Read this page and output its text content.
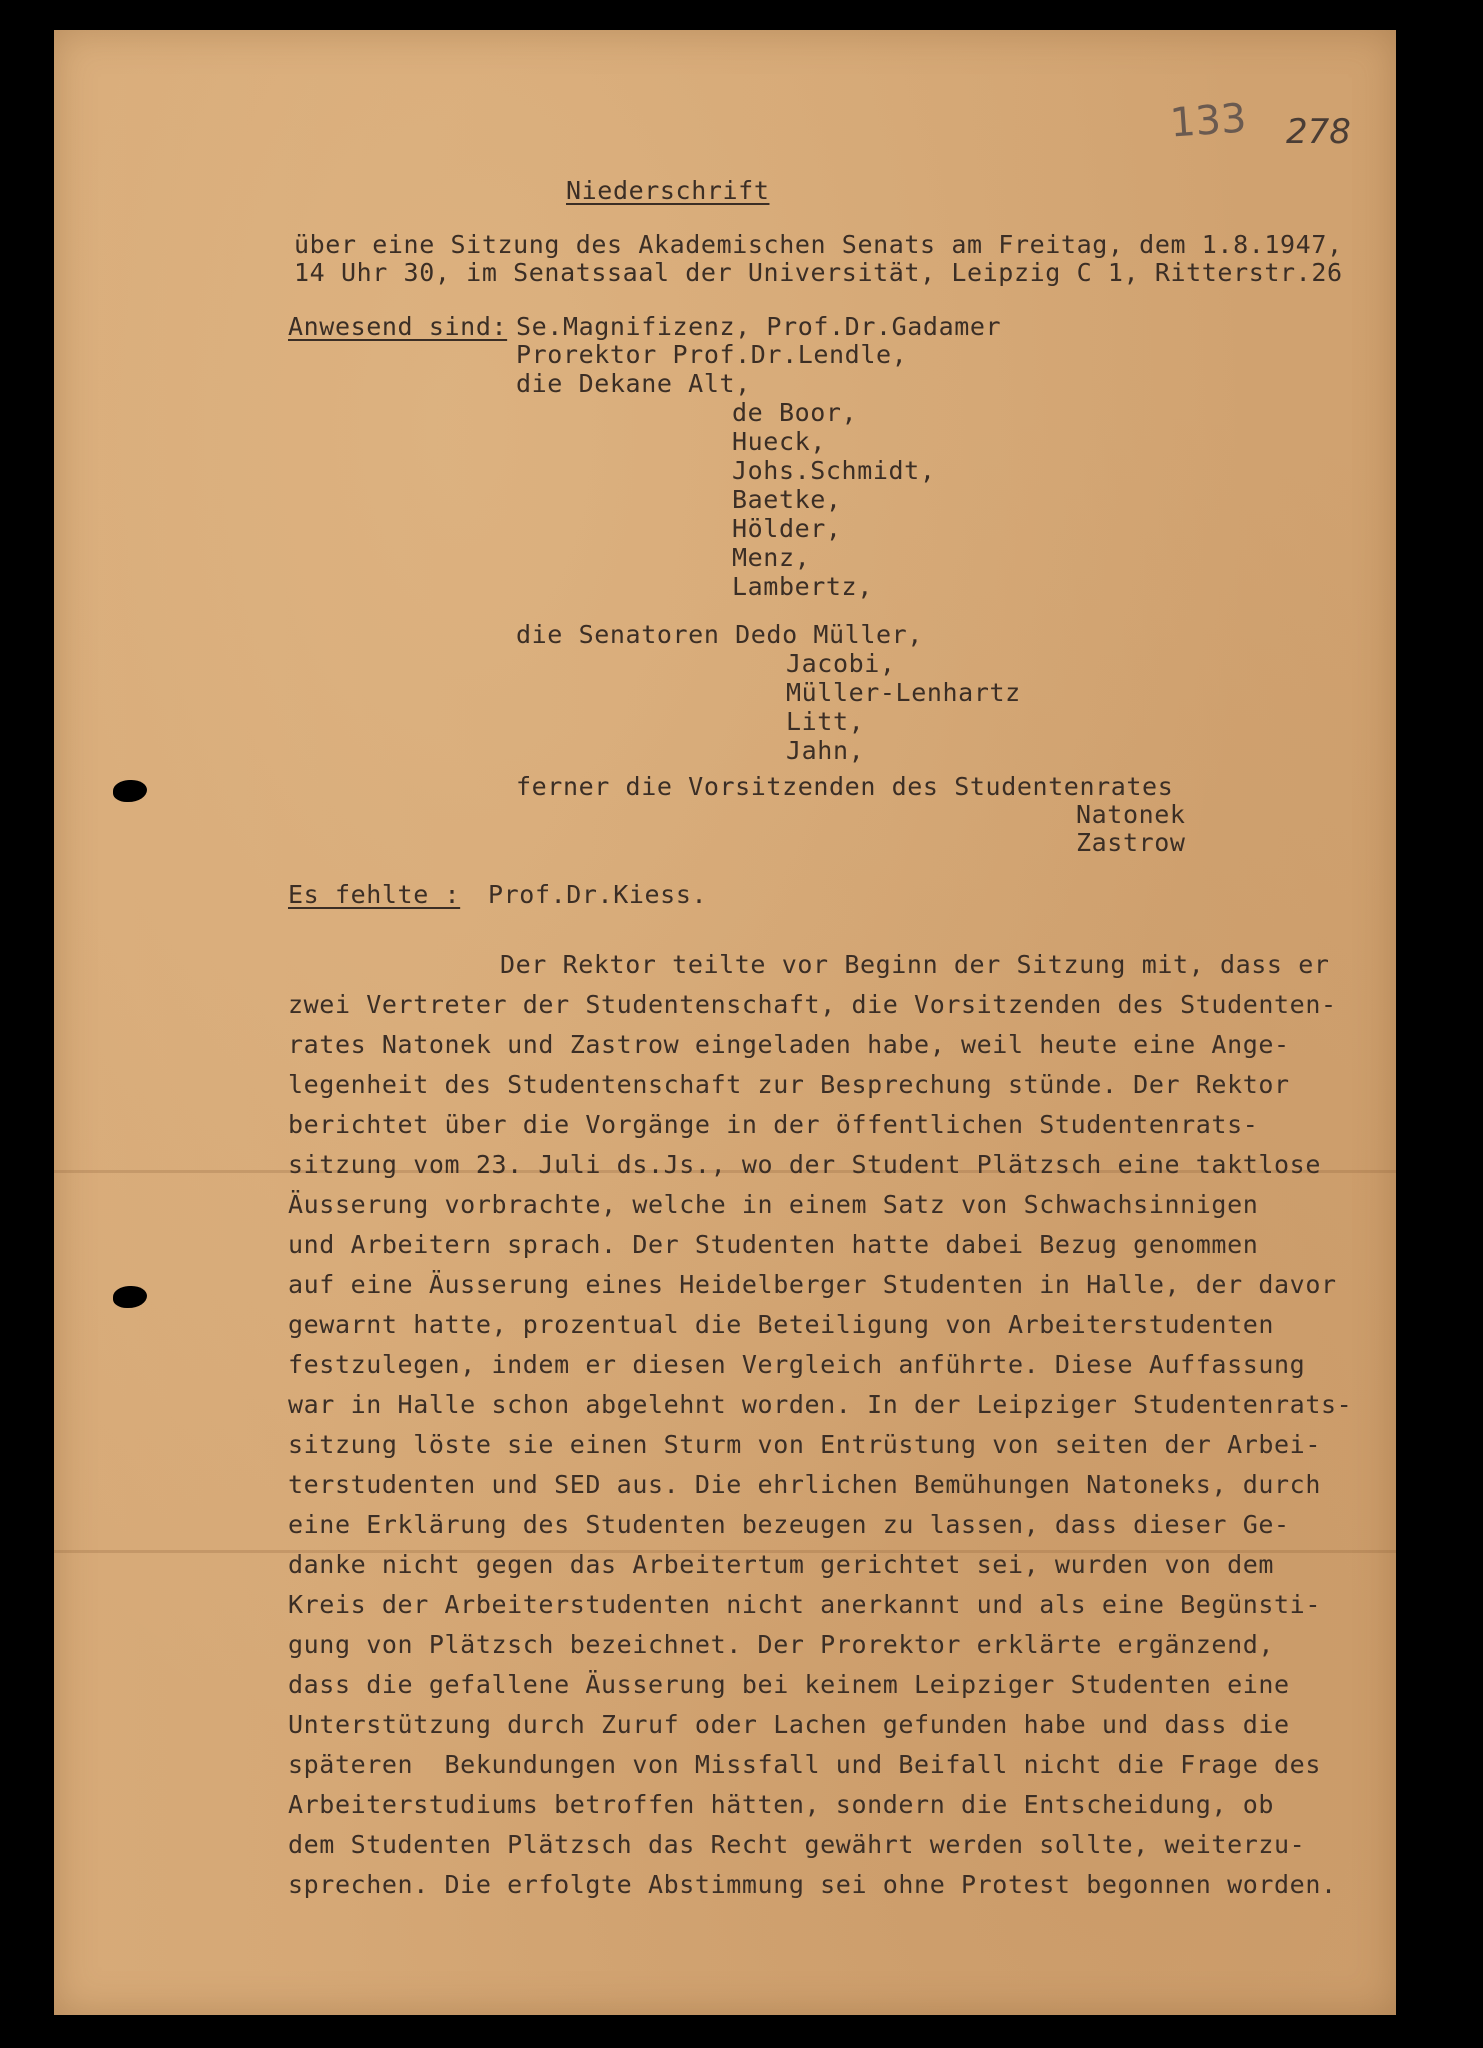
133 278
Niederschrift
über eine Sitzung des Akademischen Senats am Freitag, dem 1.8.1947,
14 Uhr 30, im Senatssaal der Universität, Leipzig C 1, Ritterstr.26
Anwesend sind: Se.Magnifizenz, Prof.Dr.Gadamer
Prorektor Prof.Dr.Lendle,
die Dekane Alt,
de Boor,
Hueck,
Johs.Schmidt,
Baetke,
Hölder,
Menz,
Lambertz,
die Senatoren Dedo Müller,
Jacobi,
Müller-Lenhartz
Litt,
Jahn,
ferner die Vorsitzenden des Studentenrates
Natonek
Zastrow
Es fehlte : Prof.Dr.Kiess.
Der Rektor teilte vor Beginn der Sitzung mit, dass er
zwei Vertreter der Studentenschaft, die Vorsitzenden des Studenten-
rates Natonek und Zastrow eingeladen habe, weil heute eine Ange-
legenheit des Studentenschaft zur Besprechung stünde. Der Rektor
berichtet über die Vorgänge in der öffentlichen Studentenrats-
sitzung vom 23. Juli ds.Js., wo der Student Plätzsch eine taktlose
Äusserung vorbrachte, welche in einem Satz von Schwachsinnigen
und Arbeitern sprach. Der Studenten hatte dabei Bezug genommen
auf eine Äusserung eines Heidelberger Studenten in Halle, der davor
gewarnt hatte, prozentual die Beteiligung von Arbeiterstudenten
festzulegen, indem er diesen Vergleich anführte. Diese Auffassung
war in Halle schon abgelehnt worden. In der Leipziger Studentenrats-
sitzung löste sie einen Sturm von Entrüstung von seiten der Arbei-
terstudenten und SED aus. Die ehrlichen Bemühungen Natoneks, durch
eine Erklärung des Studenten bezeugen zu lassen, dass dieser Ge-
danke nicht gegen das Arbeitertum gerichtet sei, wurden von dem
Kreis der Arbeiterstudenten nicht anerkannt und als eine Begünsti-
gung von Plätzsch bezeichnet. Der Prorektor erklärte ergänzend,
dass die gefallene Äusserung bei keinem Leipziger Studenten eine
Unterstützung durch Zuruf oder Lachen gefunden habe und dass die
späteren  Bekundungen von Missfall und Beifall nicht die Frage des
Arbeiterstudiums betroffen hätten, sondern die Entscheidung, ob
dem Studenten Plätzsch das Recht gewährt werden sollte, weiterzu-
sprechen. Die erfolgte Abstimmung sei ohne Protest begonnen worden.
